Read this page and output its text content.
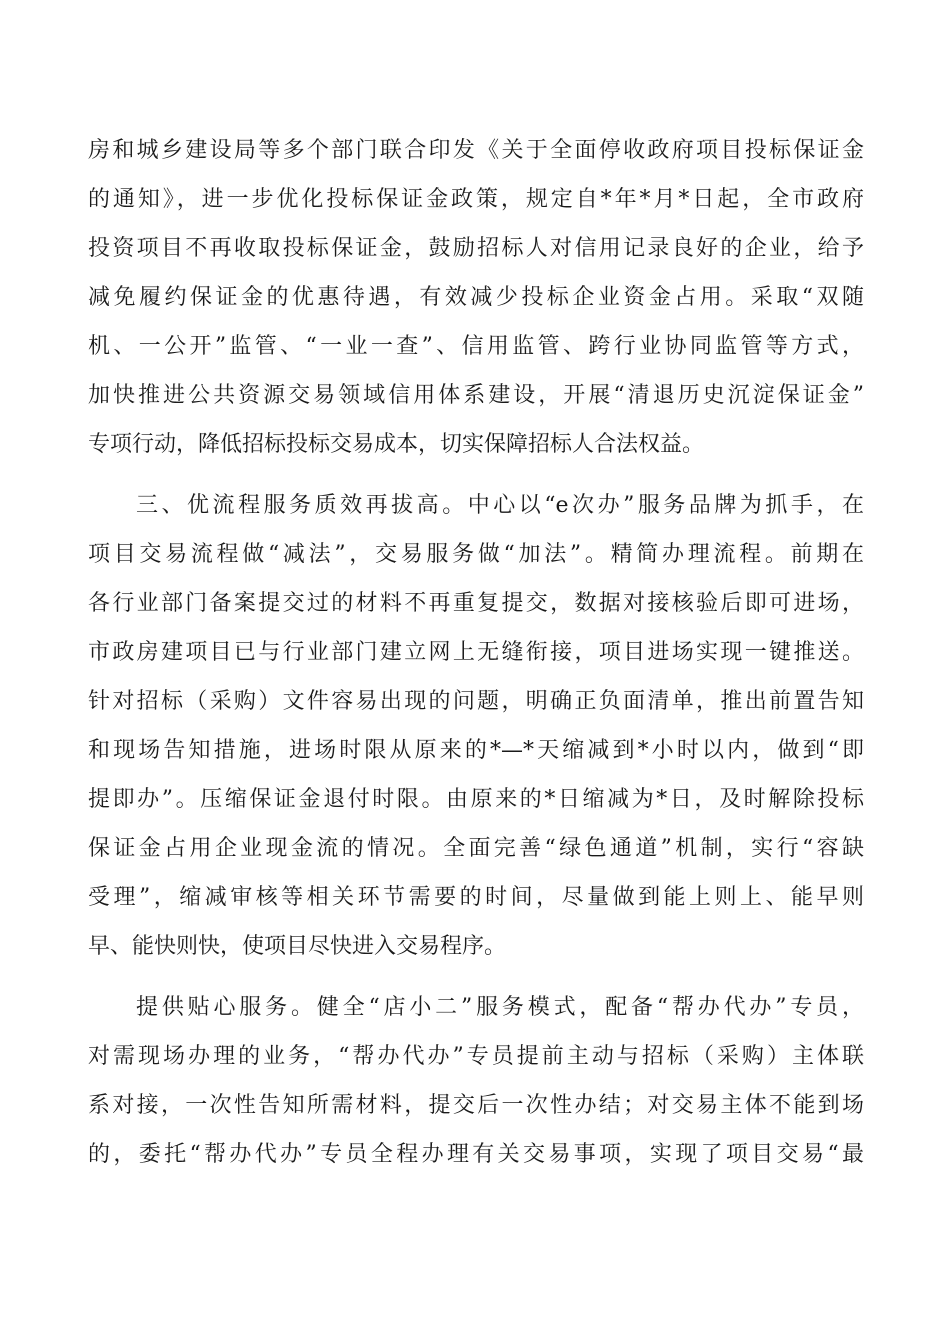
房和城乡建设局等多个部门联合印发《关于全面停收政府项目投标保证金
的通知》，进一步优化投标保证金政策，规定自*年*月*日起，全市政府
投资项目不再收取投标保证金，鼓励招标人对信用记录良好的企业，给予
减免履约保证金的优惠待遇，有效减少投标企业资金占用。采取“双随
机、一公开”监管、“一业一查”、信用监管、跨行业协同监管等方式，
加快推进公共资源交易领域信用体系建设，开展“清退历史沉淀保证金”
专项行动，降低招标投标交易成本，切实保障招标人合法权益。
三、优流程服务质效再拔高。中心以“e次办”服务品牌为抓手，在
项目交易流程做“减法”，交易服务做“加法”。精简办理流程。前期在
各行业部门备案提交过的材料不再重复提交，数据对接核验后即可进场，
市政房建项目已与行业部门建立网上无缝衔接，项目进场实现一键推送。
针对招标（采购）文件容易出现的问题，明确正负面清单，推出前置告知
和现场告知措施，进场时限从原来的*—*天缩减到*小时以内，做到“即
提即办”。压缩保证金退付时限。由原来的*日缩减为*日，及时解除投标
保证金占用企业现金流的情况。全面完善“绿色通道”机制，实行“容缺
受理”，缩减审核等相关环节需要的时间，尽量做到能上则上、能早则
早、能快则快，使项目尽快进入交易程序。
提供贴心服务。健全“店小二”服务模式，配备“帮办代办”专员，
对需现场办理的业务，“帮办代办”专员提前主动与招标（采购）主体联
系对接，一次性告知所需材料，提交后一次性办结；对交易主体不能到场
的，委托“帮办代办”专员全程办理有关交易事项，实现了项目交易“最
